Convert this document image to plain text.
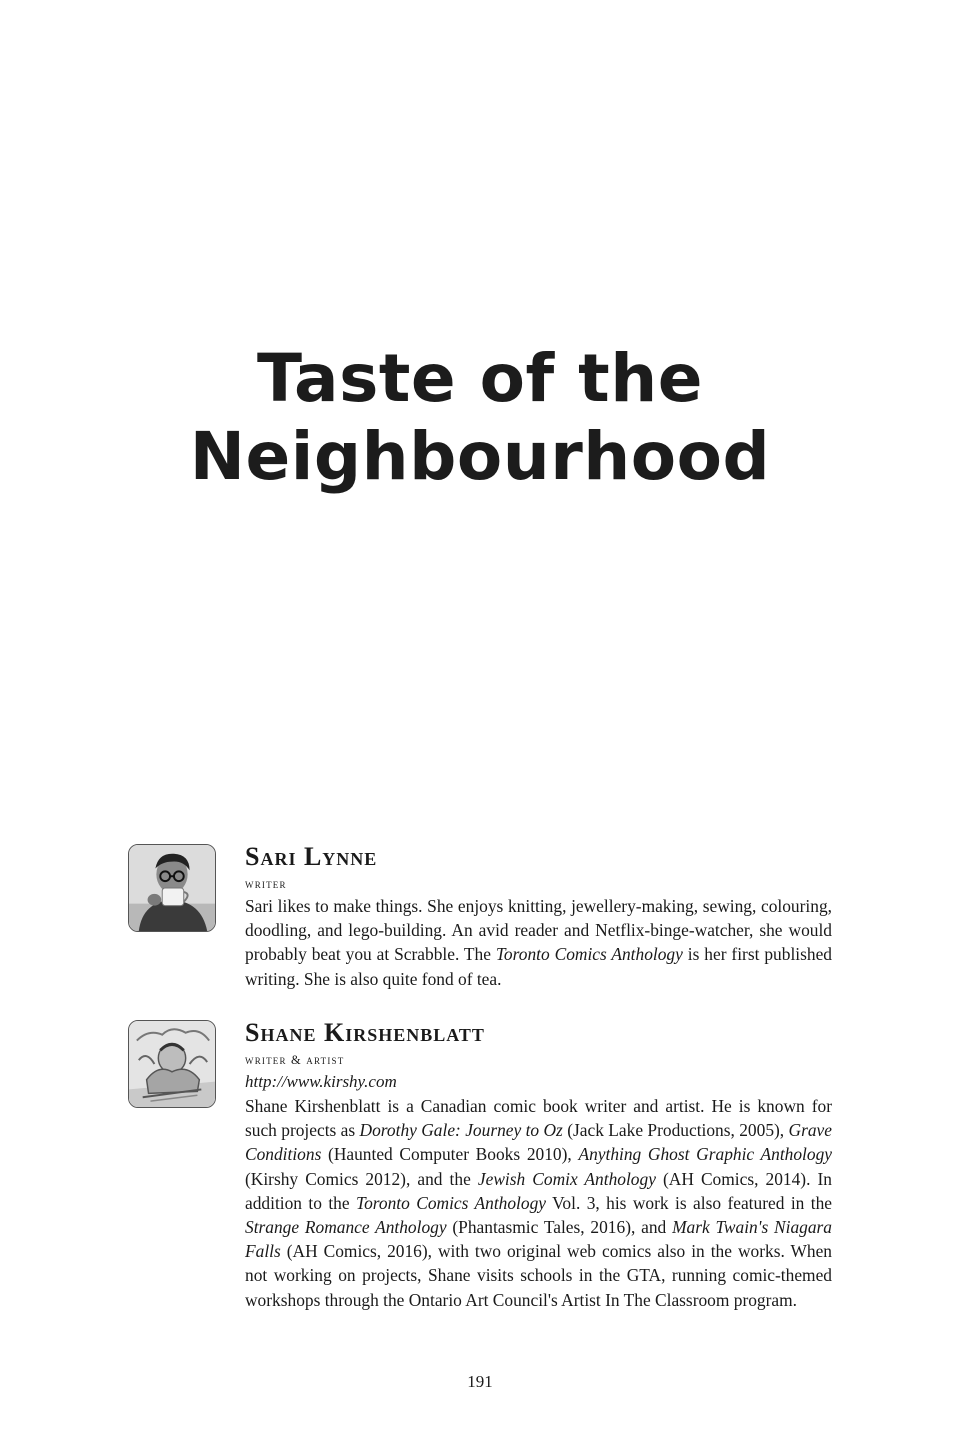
Taste of the
Neighbourhood

Sari Lynne

writer

Sari likes to make things. She enjoys knitting, jewellery-making, sewing, colouring, doodling, and lego-building. An avid reader and Netflix-binge-watcher, she would probably beat you at Scrabble. The Toronto Comics Anthology is her first published writing. She is also quite fond of tea.

Shane Kirshenblatt

writer & artist

http://www.kirshy.com

Shane Kirshenblatt is a Canadian comic book writer and artist. He is known for such projects as Dorothy Gale: Journey to Oz (Jack Lake Productions, 2005), Grave Conditions (Haunted Computer Books 2010), Anything Ghost Graphic Anthology (Kirshy Comics 2012), and the Jewish Comix Anthology (AH Comics, 2014). In addition to the Toronto Comics Anthology Vol. 3, his work is also featured in the Strange Romance Anthology (Phantasmic Tales, 2016), and Mark Twain's Niagara Falls (AH Comics, 2016), with two original web comics also in the works. When not working on projects, Shane visits schools in the GTA, running comic-themed workshops through the Ontario Art Council's Artist In The Classroom program.

191
